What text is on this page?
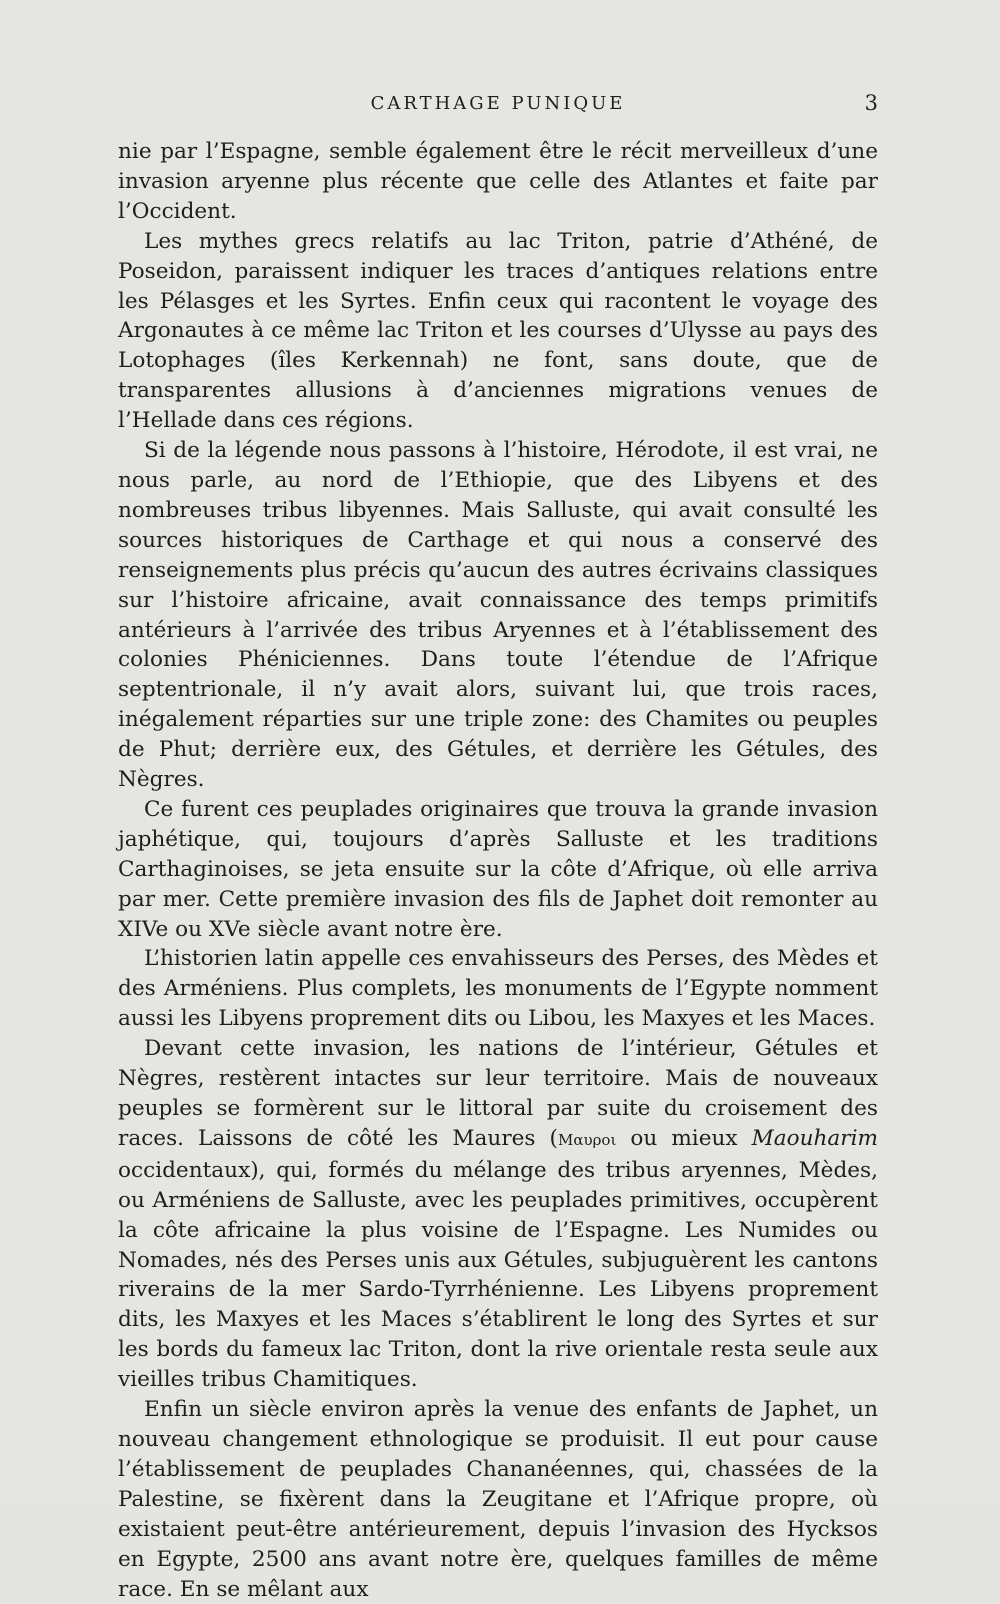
CARTHAGE PUNIQUE	3

nie par l’Espagne, semble également être le récit merveilleux d’une invasion aryenne plus récente que celle des Atlantes et faite par l’Occident.

Les mythes grecs relatifs au lac Triton, patrie d’Athéné, de Poseidon, paraissent indiquer les traces d’antiques relations entre les Pélasges et les Syrtes. Enfin ceux qui racontent le voyage des Argonautes à ce même lac Triton et les courses d’Ulysse au pays des Lotophages (îles Kerkennah) ne font, sans doute, que de transparentes allusions à d’anciennes migrations venues de l’Hellade dans ces régions.

Si de la légende nous passons à l’histoire, Hérodote, il est vrai, ne nous parle, au nord de l’Ethiopie, que des Libyens et des nombreuses tribus libyennes. Mais Salluste, qui avait consulté les sources historiques de Carthage et qui nous a conservé des renseignements plus précis qu’aucun des autres écrivains classiques sur l’histoire africaine, avait connaissance des temps primitifs antérieurs à l’arrivée des tribus Aryennes et à l’établissement des colonies Phéniciennes. Dans toute l’étendue de l’Afrique septentrionale, il n’y avait alors, suivant lui, que trois races, inégalement réparties sur une triple zone: des Chamites ou peuples de Phut; derrière eux, des Gétules, et derrière les Gétules, des Nègres.

Ce furent ces peuplades originaires que trouva la grande invasion japhétique, qui, toujours d’après Salluste et les traditions Carthaginoises, se jeta ensuite sur la côte d’Afrique, où elle arriva par mer. Cette première invasion des fils de Japhet doit remonter au XIVe ou XVe siècle avant notre ère.

L’historien latin appelle ces envahisseurs des Perses, des Mèdes et des Arméniens. Plus complets, les monuments de l’Egypte nomment aussi les Libyens proprement dits ou Libou, les Maxyes et les Maces.

Devant cette invasion, les nations de l’intérieur, Gétules et Nègres, restèrent intactes sur leur territoire. Mais de nouveaux peuples se formèrent sur le littoral par suite du croisement des races. Laissons de côté les Maures (Μαυροι ou mieux Maouharim occidentaux), qui, formés du mélange des tribus aryennes, Mèdes, ou Arméniens de Salluste, avec les peuplades primitives, occupèrent la côte africaine la plus voisine de l’Espagne. Les Numides ou Nomades, nés des Perses unis aux Gétules, subjuguèrent les cantons riverains de la mer Sardo-Tyrrhénienne. Les Libyens proprement dits, les Maxyes et les Maces s’établirent le long des Syrtes et sur les bords du fameux lac Triton, dont la rive orientale resta seule aux vieilles tribus Chamitiques.

Enfin un siècle environ après la venue des enfants de Japhet, un nouveau changement ethnologique se produisit. Il eut pour cause l’établissement de peuplades Chananéennes, qui, chassées de la Palestine, se fixèrent dans la Zeugitane et l’Afrique propre, où existaient peut-être antérieurement, depuis l’invasion des Hycksos en Egypte, 2500 ans avant notre ère, quelques familles de même race. En se mêlant aux
